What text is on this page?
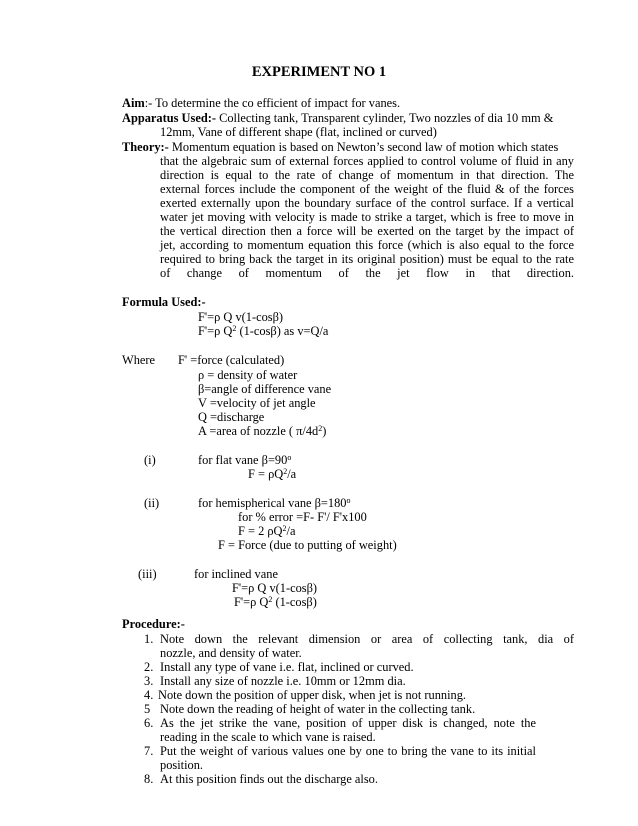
EXPERIMENT NO 1
Aim:- To determine the co efficient of impact for vanes.
Apparatus Used:- Collecting tank, Transparent cylinder, Two nozzles of dia 10 mm &
12mm, Vane of different shape (flat, inclined or curved)
Theory:- Momentum equation is based on Newton’s second law of motion which states
that the algebraic sum of external forces applied to control volume of fluid in any
direction is equal to the rate of change of momentum in that direction. The
external forces include the component of the weight of the fluid & of the forces
exerted externally upon the boundary surface of the control surface. If a vertical
water jet moving with velocity is made to strike a target, which is free to move in
the vertical direction then a force will be exerted on the target by the impact of
jet, according to momentum equation this force (which is also equal to the force
required to bring back the target in its original position) must be equal to the rate
of change of momentum of the jet flow in that direction.
Formula Used:-
F'=ρ Q v(1-cosβ)
F'=ρ $Q^2$ (1-cosβ) as v=Q/a
Where F' =force (calculated)
ρ = density of water
β=angle of difference vane
V =velocity of jet angle
Q =discharge
A =area of nozzle ( $\pi/4d^2$)
(i)	for flat vane $\beta=90^o$
$F = \rho Q^2/a$
(ii)	for hemispherical vane $\beta=180^o$
for % error =F- F'/ F'x100
F = 2 $\rho Q^2/a$
F = Force (due to putting of weight)
(iii)	for inclined vane
F'=ρ Q v(1-cosβ)
F'=ρ $Q^2$ (1-cosβ)
Procedure:-
1. Note down the relevant dimension or area of collecting tank, dia of
nozzle, and density of water.
2. Install any type of vane i.e. flat, inclined or curved.
3. Install any size of nozzle i.e. 10mm or 12mm dia.
4. Note down the position of upper disk, when jet is not running.
5 Note down the reading of height of water in the collecting tank.
6. As the jet strike the vane, position of upper disk is changed, note the
reading in the scale to which vane is raised.
7. Put the weight of various values one by one to bring the vane to its initial
position.
8. At this position finds out the discharge also.
